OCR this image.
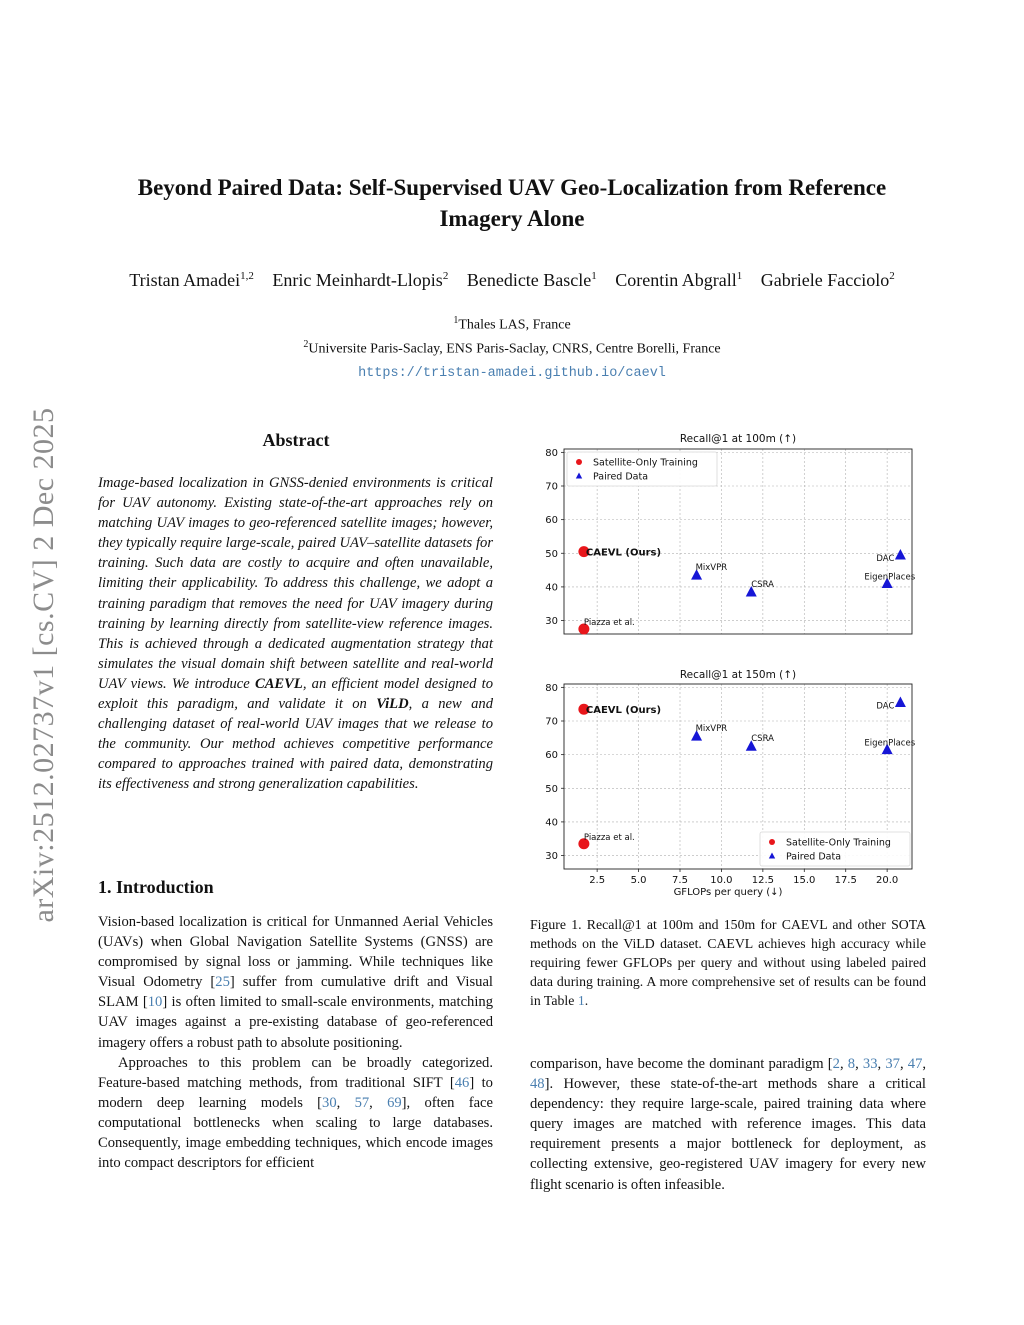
arXiv:2512.02737v1 [cs.CV] 2 Dec 2025
Beyond Paired Data: Self-Supervised UAV Geo-Localization from Reference
Imagery Alone
Tristan Amadei$^{1,2}$ Enric Meinhardt-Llopis$^2$ Benedicte Bascle$^1$ Corentin Abgrall$^1$ Gabriele Facciolo$^2$
$^1$Thales LAS, France
$^2$Universite Paris-Saclay, ENS Paris-Saclay, CNRS, Centre Borelli, France
https://tristan-amadei.github.io/caevl
Abstract

Image-based localization in GNSS-denied environments is critical for UAV autonomy. Existing state-of-the-art approaches rely on matching UAV images to geo-referenced satellite images; however, they typically require large-scale, paired UAV–satellite datasets for training. Such data are costly to acquire and often unavailable, limiting their applicability. To address this challenge, we adopt a training paradigm that removes the need for UAV imagery during training by learning directly from satellite-view reference images. This is achieved through a dedicated augmentation strategy that simulates the visual domain shift between satellite and real-world UAV views. We introduce CAEVL, an efficient model designed to exploit this paradigm, and validate it on ViLD, a new and challenging dataset of real-world UAV images that we release to the community. Our method achieves competitive performance compared to approaches trained with paired data, demonstrating its effectiveness and strong generalization capabilities.

1. Introduction

Vision-based localization is critical for Unmanned Aerial Vehicles (UAVs) when Global Navigation Satellite Systems (GNSS) are compromised by signal loss or jamming. While techniques like Visual Odometry [25] suffer from cumulative drift and Visual SLAM [10] is often limited to small-scale environments, matching UAV images against a pre-existing database of geo-referenced imagery offers a robust path to absolute positioning.

Approaches to this problem can be broadly categorized. Feature-based matching methods, from traditional SIFT [46] to modern deep learning models [30, 57, 69], often face computational bottlenecks when scaling to large databases. Consequently, image embedding techniques, which encode images into compact descriptors for efficient

Recall@1 at 100m (↑)
30
40
50
60
70
80
CAEVL (Ours)
Piazza et al.
MixVPR
CSRA
DAC
EigenPlaces
Satellite-Only Training
Paired Data
Recall@1 at 150m (↑)
30
40
50
60
70
80
2.5	5.0	7.5 10.0 12.5 15.0 17.5 20.0
GFLOPs per query (↓)
CAEVL (Ours)
Piazza et al.
MixVPR
CSRA
DAC
EigenPlaces
Satellite-Only Training
Paired Data

Figure 1. Recall@1 at 100m and 150m for CAEVL and other SOTA methods on the ViLD dataset. CAEVL achieves high accuracy while requiring fewer GFLOPs per query and without using labeled paired data during training. A more comprehensive set of results can be found in Table 1.

comparison, have become the dominant paradigm [2, 8, 33, 37, 47, 48]. However, these state-of-the-art methods share a critical dependency: they require large-scale, paired training data where query images are matched with reference images. This data requirement presents a major bottleneck for deployment, as collecting extensive, geo-registered UAV imagery for every new flight scenario is often infeasible.
